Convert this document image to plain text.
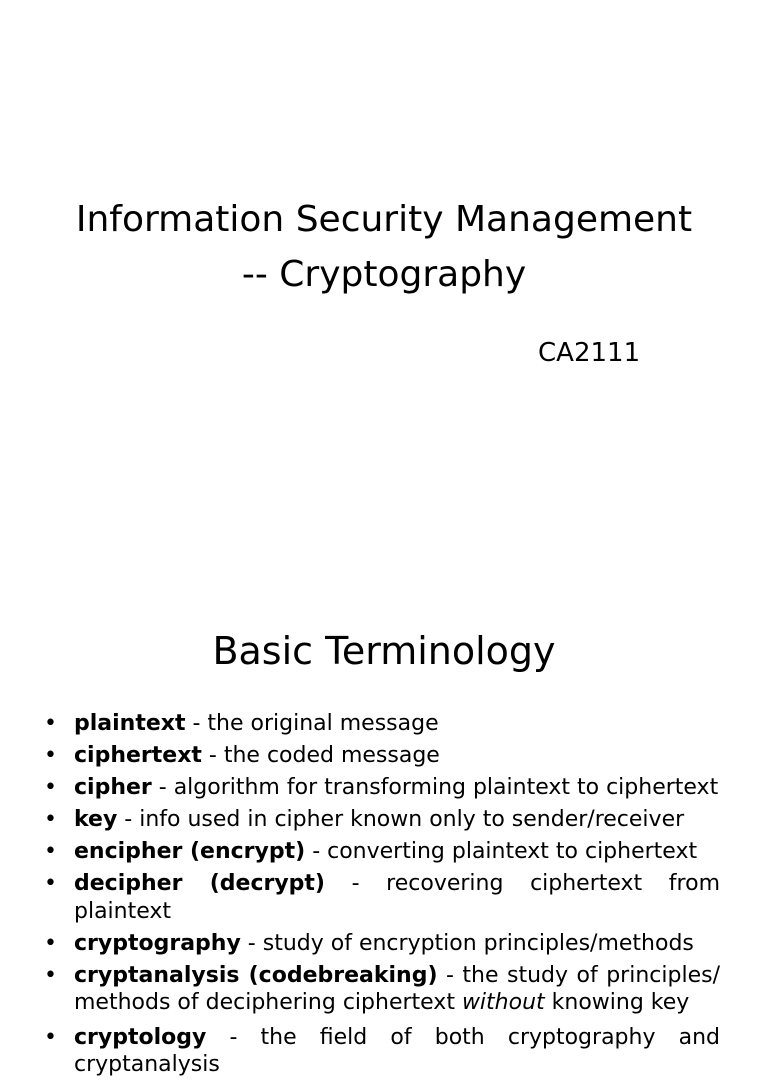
Information Security Management
-- Cryptography
CA2111
Basic Terminology
• plaintext - the original message
• ciphertext - the coded message
• cipher - algorithm for transforming plaintext to ciphertext
• key - info used in cipher known only to sender/receiver
• encipher (encrypt) - converting plaintext to ciphertext
• decipher (decrypt) - recovering ciphertext from plaintext
• cryptography - study of encryption principles/methods
• cryptanalysis (codebreaking) - the study of principles/ methods of deciphering ciphertext without knowing key
• cryptology - the field of both cryptography and cryptanalysis
